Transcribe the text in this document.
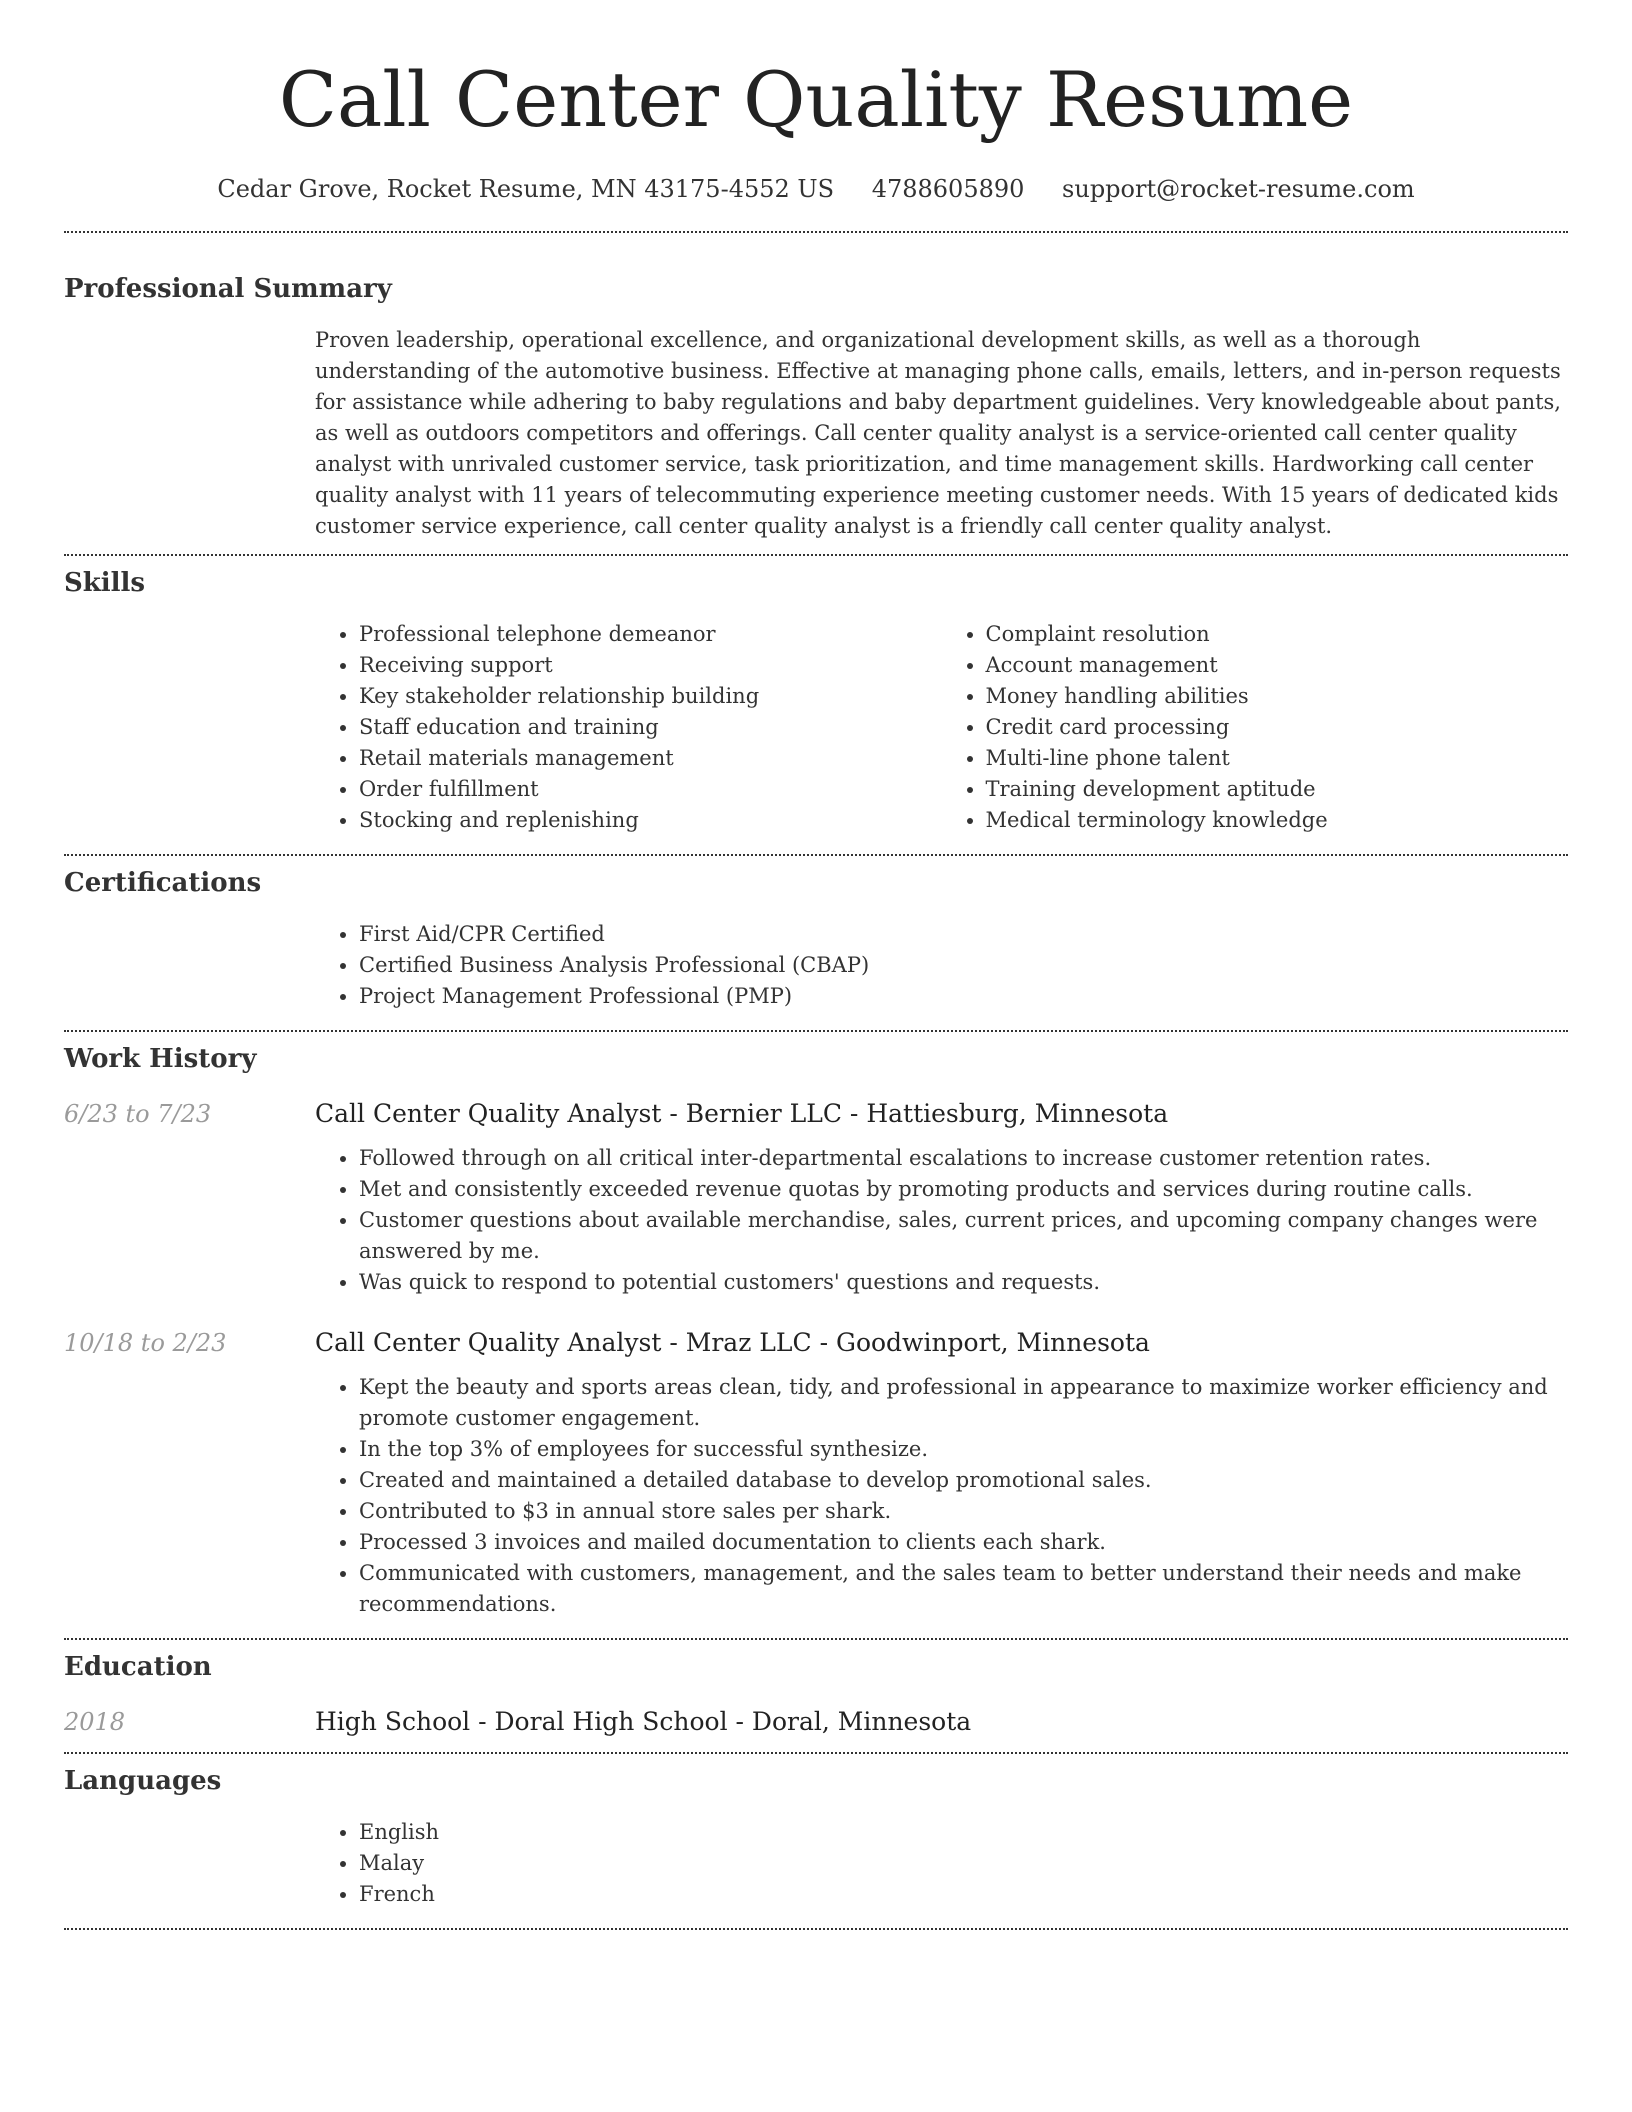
Call Center Quality Resume
Cedar Grove, Rocket Resume, MN 43175-4552 US 4788605890 support@rocket-resume.com
Professional Summary

Proven leadership, operational excellence, and organizational development skills, as well as a thorough understanding of the automotive business. Effective at managing phone calls, emails, letters, and in-person requests for assistance while adhering to baby regulations and baby department guidelines. Very knowledgeable about pants, as well as outdoors competitors and offerings. Call center quality analyst is a service-oriented call center quality analyst with unrivaled customer service, task prioritization, and time management skills. Hardworking call center quality analyst with 11 years of telecommuting experience meeting customer needs. With 15 years of dedicated kids customer service experience, call center quality analyst is a friendly call center quality analyst.

Skills
• Professional telephone demeanor
• Receiving support
• Key stakeholder relationship building
• Staff education and training
• Retail materials management
• Order fulfillment
• Stocking and replenishing
• Complaint resolution
• Account management
• Money handling abilities
• Credit card processing
• Multi-line phone talent
• Training development aptitude
• Medical terminology knowledge
Certifications
• First Aid/CPR Certified
• Certified Business Analysis Professional (CBAP)
• Project Management Professional (PMP)
Work History
6/23 to 7/23	Call Center Quality Analyst - Bernier LLC - Hattiesburg, Minnesota
• Followed through on all critical inter-departmental escalations to increase customer retention rates.
• Met and consistently exceeded revenue quotas by promoting products and services during routine calls.
• Customer questions about available merchandise, sales, current prices, and upcoming company changes were answered by me.
• Was quick to respond to potential customers' questions and requests.
10/18 to 2/23	Call Center Quality Analyst - Mraz LLC - Goodwinport, Minnesota
• Kept the beauty and sports areas clean, tidy, and professional in appearance to maximize worker efficiency and promote customer engagement.
• In the top 3% of employees for successful synthesize.
• Created and maintained a detailed database to develop promotional sales.
• Contributed to $3 in annual store sales per shark.
• Processed 3 invoices and mailed documentation to clients each shark.
• Communicated with customers, management, and the sales team to better understand their needs and make recommendations.
Education
2018	High School - Doral High School - Doral, Minnesota
Languages
• English
• Malay
• French
